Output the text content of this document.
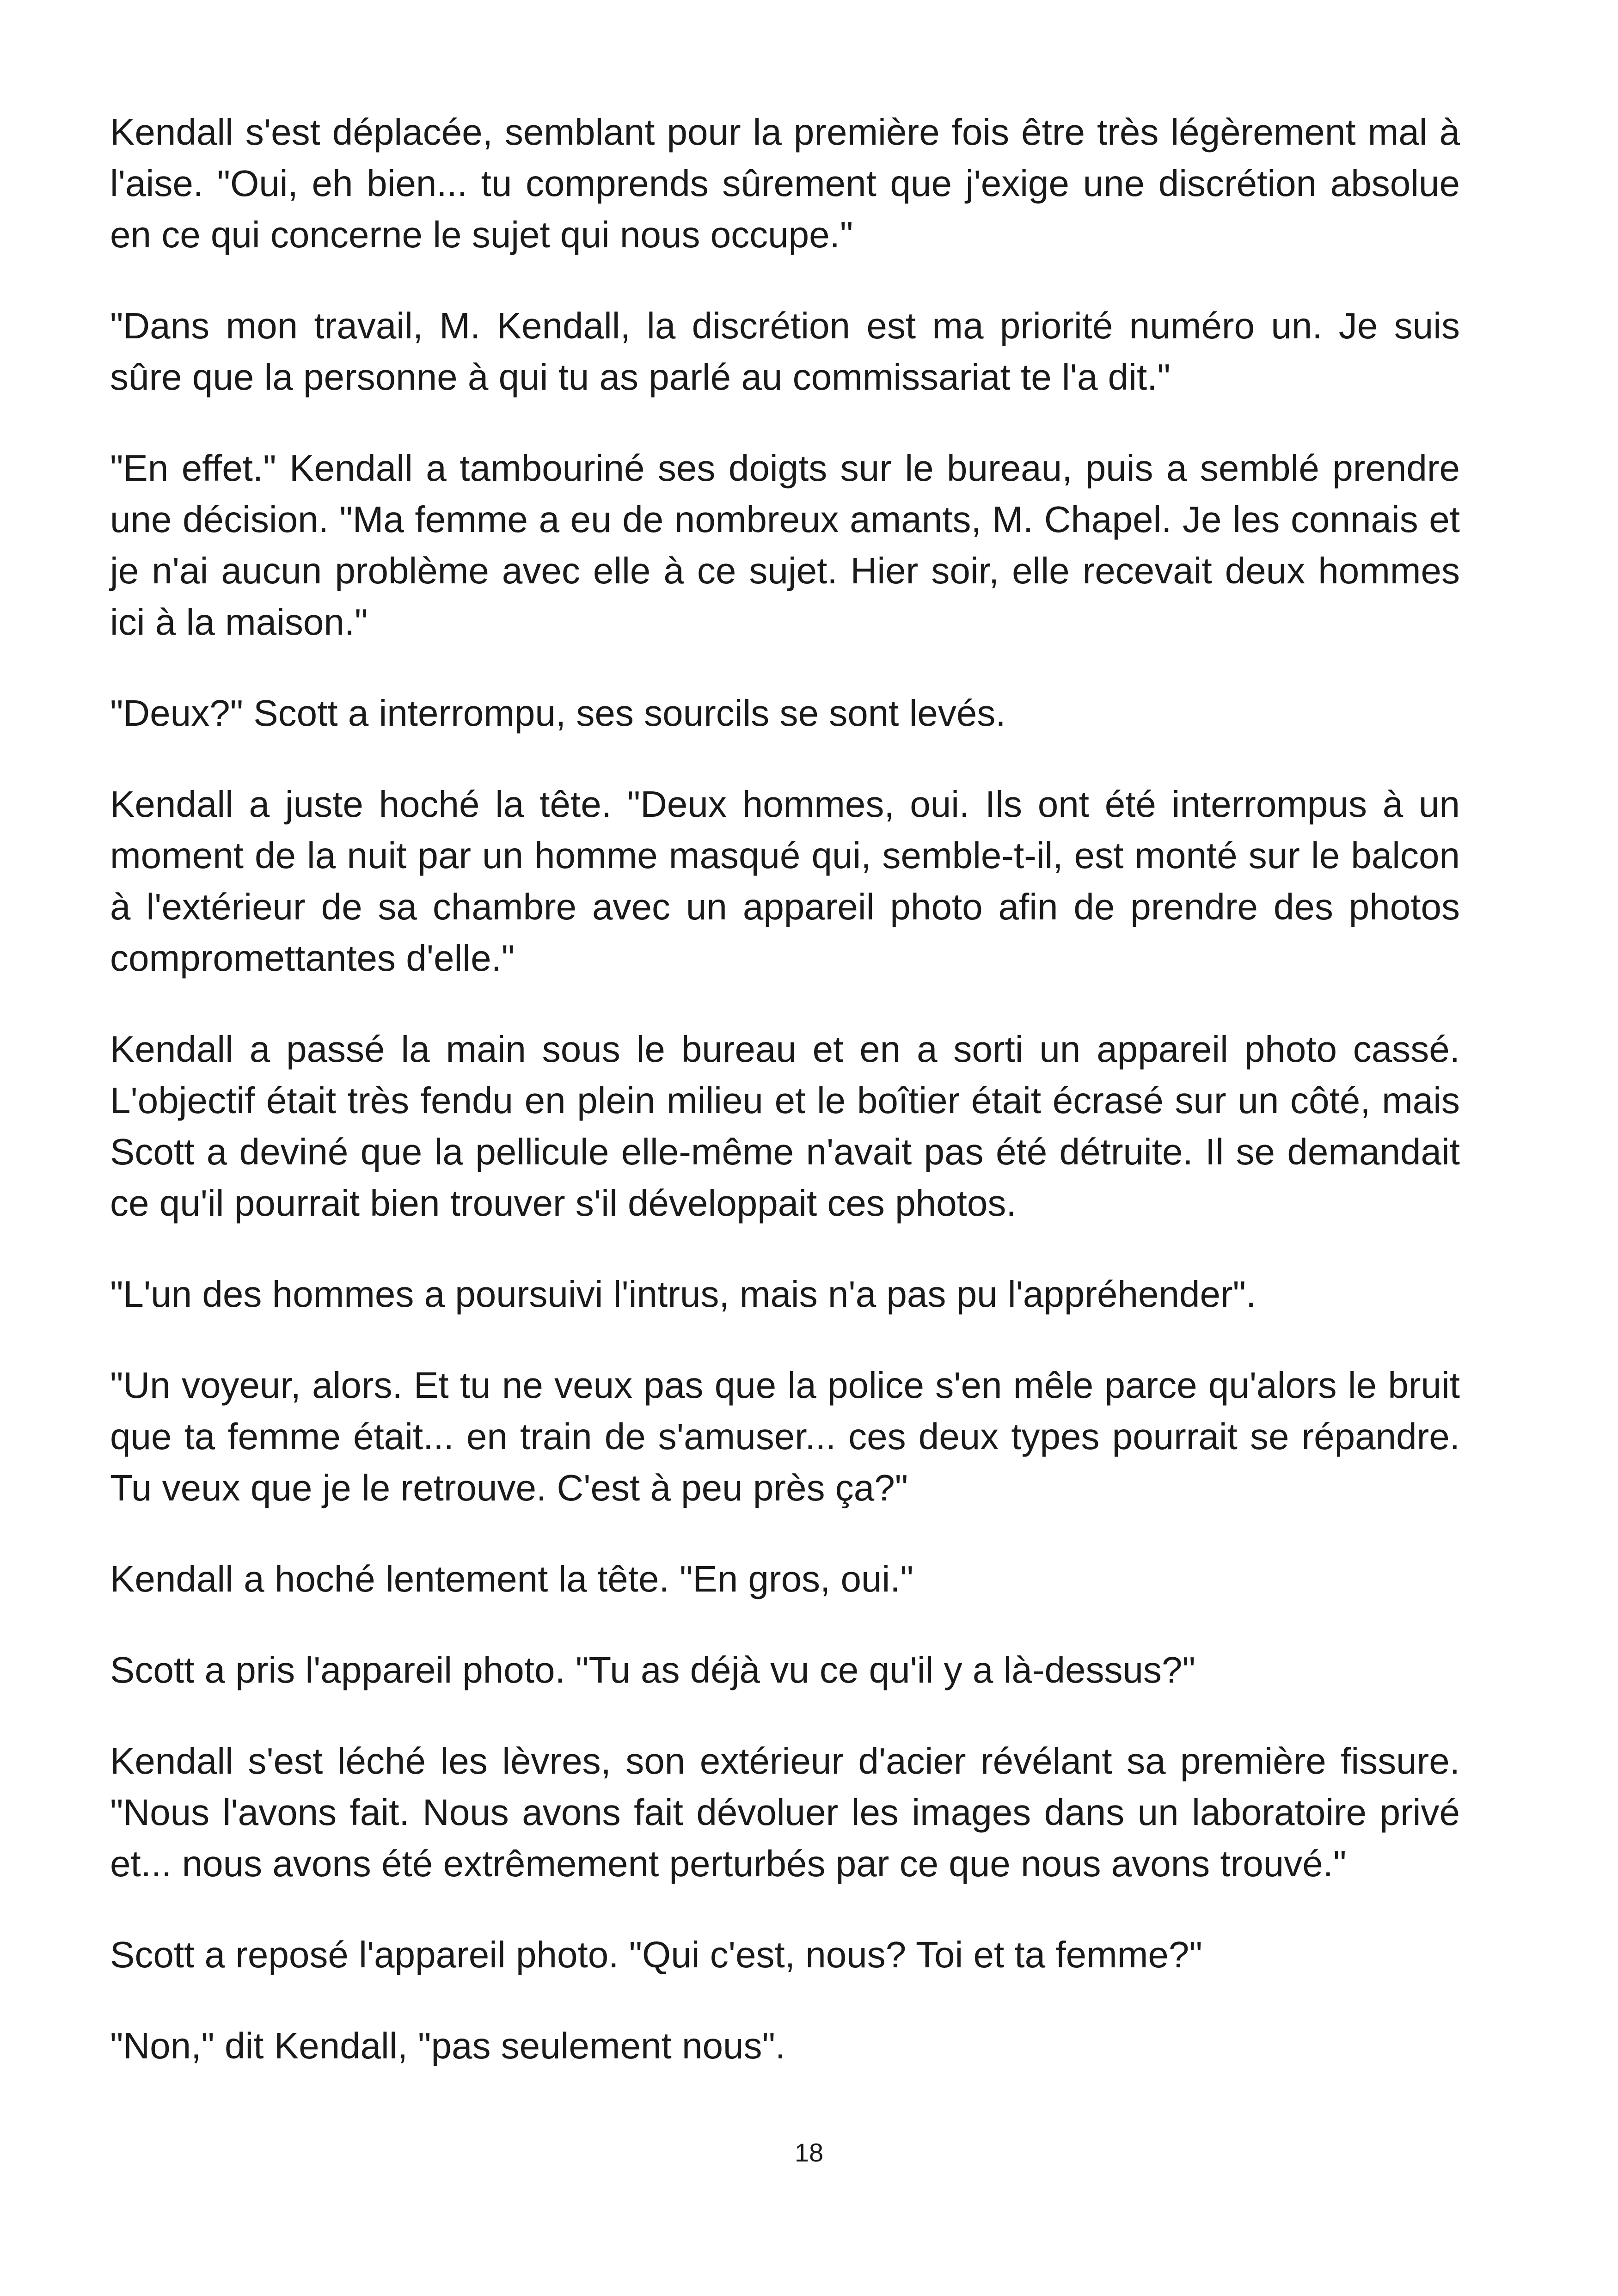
Kendall s'est déplacée, semblant pour la première fois être très légèrement mal à l'aise. "Oui, eh bien... tu comprends sûrement que j'exige une discrétion absolue en ce qui concerne le sujet qui nous occupe."

"Dans mon travail, M. Kendall, la discrétion est ma priorité numéro un. Je suis sûre que la personne à qui tu as parlé au commissariat te l'a dit."

"En effet." Kendall a tambouriné ses doigts sur le bureau, puis a semblé prendre une décision. "Ma femme a eu de nombreux amants, M. Chapel. Je les connais et je n'ai aucun problème avec elle à ce sujet. Hier soir, elle recevait deux hommes ici à la maison."

"Deux?" Scott a interrompu, ses sourcils se sont levés.

Kendall a juste hoché la tête. "Deux hommes, oui. Ils ont été interrompus à un moment de la nuit par un homme masqué qui, semble-t-il, est monté sur le balcon à l'extérieur de sa chambre avec un appareil photo afin de prendre des photos compromettantes d'elle."

Kendall a passé la main sous le bureau et en a sorti un appareil photo cassé. L'objectif était très fendu en plein milieu et le boîtier était écrasé sur un côté, mais Scott a deviné que la pellicule elle-même n'avait pas été détruite. Il se demandait ce qu'il pourrait bien trouver s'il développait ces photos.

"L'un des hommes a poursuivi l'intrus, mais n'a pas pu l'appréhender".

"Un voyeur, alors. Et tu ne veux pas que la police s'en mêle parce qu'alors le bruit que ta femme était... en train de s'amuser... ces deux types pourrait se répandre. Tu veux que je le retrouve. C'est à peu près ça?"

Kendall a hoché lentement la tête. "En gros, oui."

Scott a pris l'appareil photo. "Tu as déjà vu ce qu'il y a là-dessus?"

Kendall s'est léché les lèvres, son extérieur d'acier révélant sa première fissure. "Nous l'avons fait. Nous avons fait dévoluer les images dans un laboratoire privé et... nous avons été extrêmement perturbés par ce que nous avons trouvé."

Scott a reposé l'appareil photo. "Qui c'est, nous? Toi et ta femme?"

"Non," dit Kendall, "pas seulement nous".

18
